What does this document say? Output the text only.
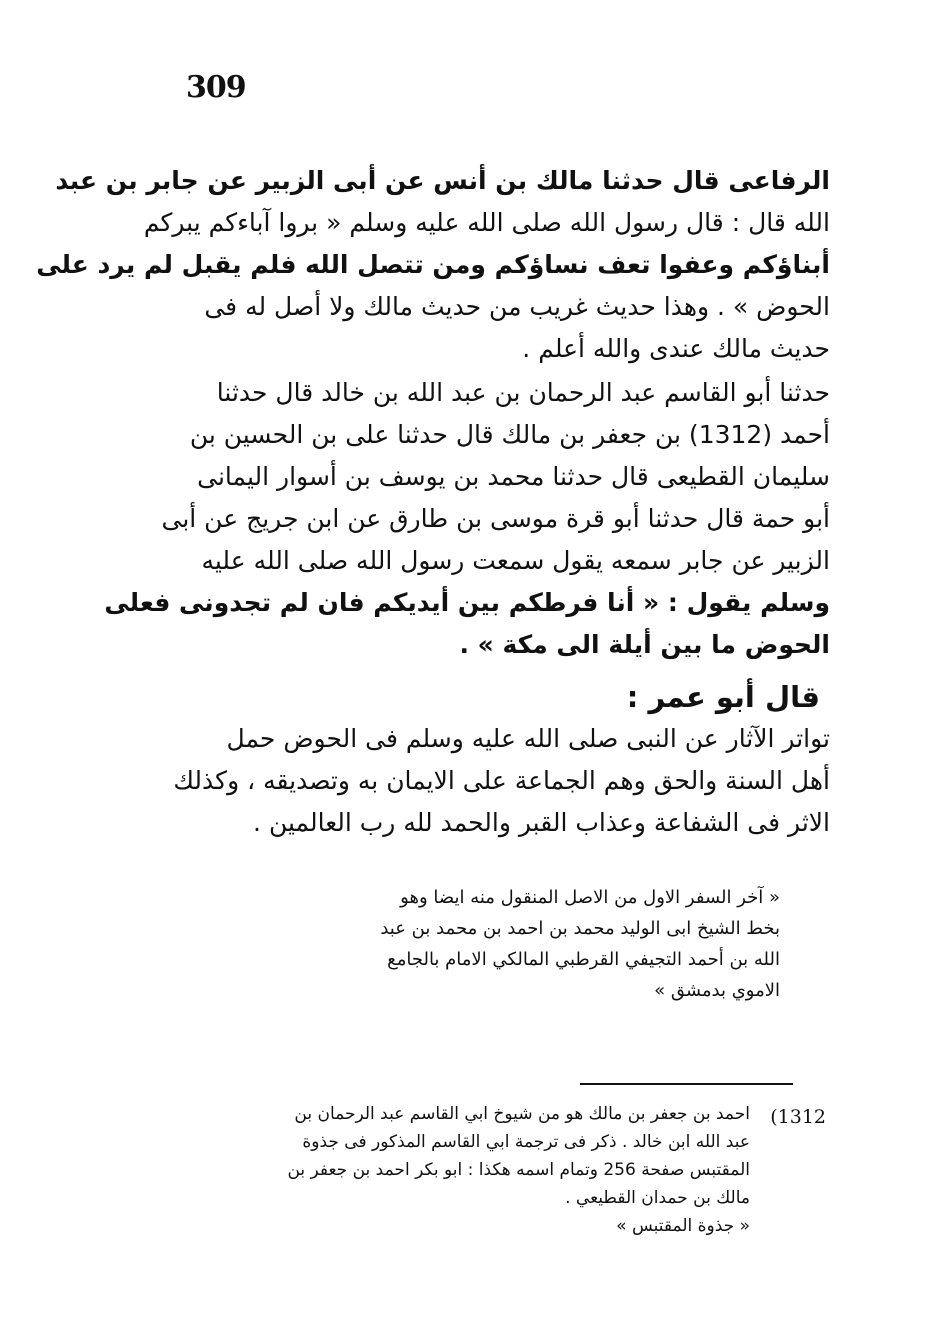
309
الرفاعى قال حدثنا مالك بن أنس عن أبى الزبير عن جابر بن عبد
الله قال : قال رسول الله صلى الله عليه وسلم « بروا آباءكم يبركم
أبناؤكم وعفوا تعف نساؤكم ومن تتصل الله فلم يقبل لم يرد على
الحوض » . وهذا حديث غريب من حديث مالك ولا أصل له فى
حديث مالك عندى والله أعلم .
حدثنا أبو القاسم عبد الرحمان بن عبد الله بن خالد قال حدثنا
أحمد (1312) بن جعفر بن مالك قال حدثنا على بن الحسين بن
سليمان القطيعى قال حدثنا محمد بن يوسف بن أسوار اليمانى
أبو حمة قال حدثنا أبو قرة موسى بن طارق عن ابن جريج عن أبى
الزبير عن جابر سمعه يقول سمعت رسول الله صلى الله عليه
وسلم يقول : « أنا فرطكم بين أيديكم فان لم تجدونى فعلى
الحوض ما بين أيلة الى مكة » .
قال أبو عمر :
تواتر الآثار عن النبى صلى الله عليه وسلم فى الحوض حمل
أهل السنة والحق وهم الجماعة على الايمان به وتصديقه ، وكذلك
الاثر فى الشفاعة وعذاب القبر والحمد لله رب العالمين .
« آخر السفر الاول من الاصل المنقول منه ايضا وهو
بخط الشيخ ابى الوليد محمد بن احمد بن محمد بن عبد
الله بن أحمد التجيفي القرطبي المالكي الامام بالجامع
الاموي بدمشق »
1312)
احمد بن جعفر بن مالك هو من شيوخ ابي القاسم عبد الرحمان بن
عبد الله ابن خالد . ذكر فى ترجمة ابي القاسم المذكور فى جذوة
المقتبس صفحة 256 وتمام اسمه هكذا : ابو بكر احمد بن جعفر بن
مالك بن حمدان القطيعي .
« جذوة المقتبس »
